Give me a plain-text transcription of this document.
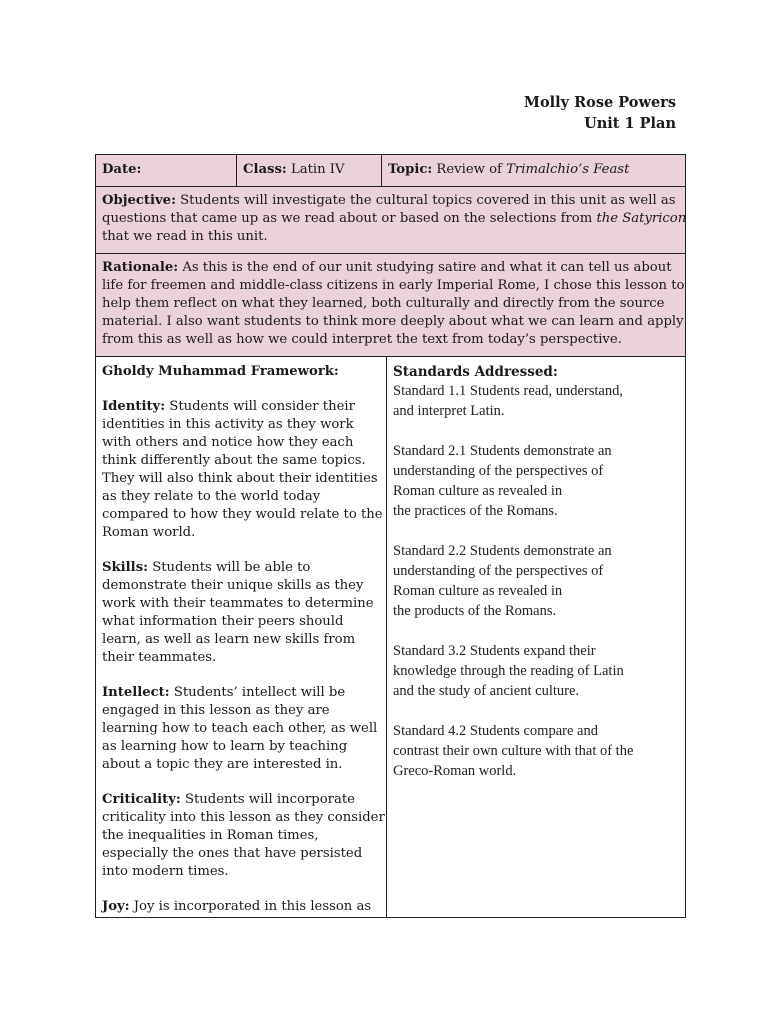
Molly Rose Powers
Unit 1 Plan
Date:	Class: Latin IV	Topic: Review of Trimalchio’s Feast
Objective: Students will investigate the cultural topics covered in this unit as well as
questions that came up as we read about or based on the selections from the Satyricon
that we read in this unit.
Rationale: As this is the end of our unit studying satire and what it can tell us about
life for freemen and middle-class citizens in early Imperial Rome, I chose this lesson to
help them reflect on what they learned, both culturally and directly from the source
material. I also want students to think more deeply about what we can learn and apply
from this as well as how we could interpret the text from today’s perspective.

Gholdy Muhammad Framework:

Identity: Students will consider their
identities in this activity as they work
with others and notice how they each
think differently about the same topics.
They will also think about their identities
as they relate to the world today
compared to how they would relate to the
Roman world.

Skills: Students will be able to
demonstrate their unique skills as they
work with their teammates to determine
what information their peers should
learn, as well as learn new skills from
their teammates.

Intellect: Students’ intellect will be
engaged in this lesson as they are
learning how to teach each other, as well
as learning how to learn by teaching
about a topic they are interested in.

Criticality: Students will incorporate
criticality into this lesson as they consider
the inequalities in Roman times,
especially the ones that have persisted
into modern times.

Joy: Joy is incorporated in this lesson as

Standards Addressed:
Standard 1.1 Students read, understand,
and interpret Latin.
Standard 2.1 Students demonstrate an
understanding of the perspectives of
Roman culture as revealed in
the practices of the Romans.
Standard 2.2 Students demonstrate an
understanding of the perspectives of
Roman culture as revealed in
the products of the Romans.
Standard 3.2 Students expand their
knowledge through the reading of Latin
and the study of ancient culture.
Standard 4.2 Students compare and
contrast their own culture with that of the
Greco-Roman world.
